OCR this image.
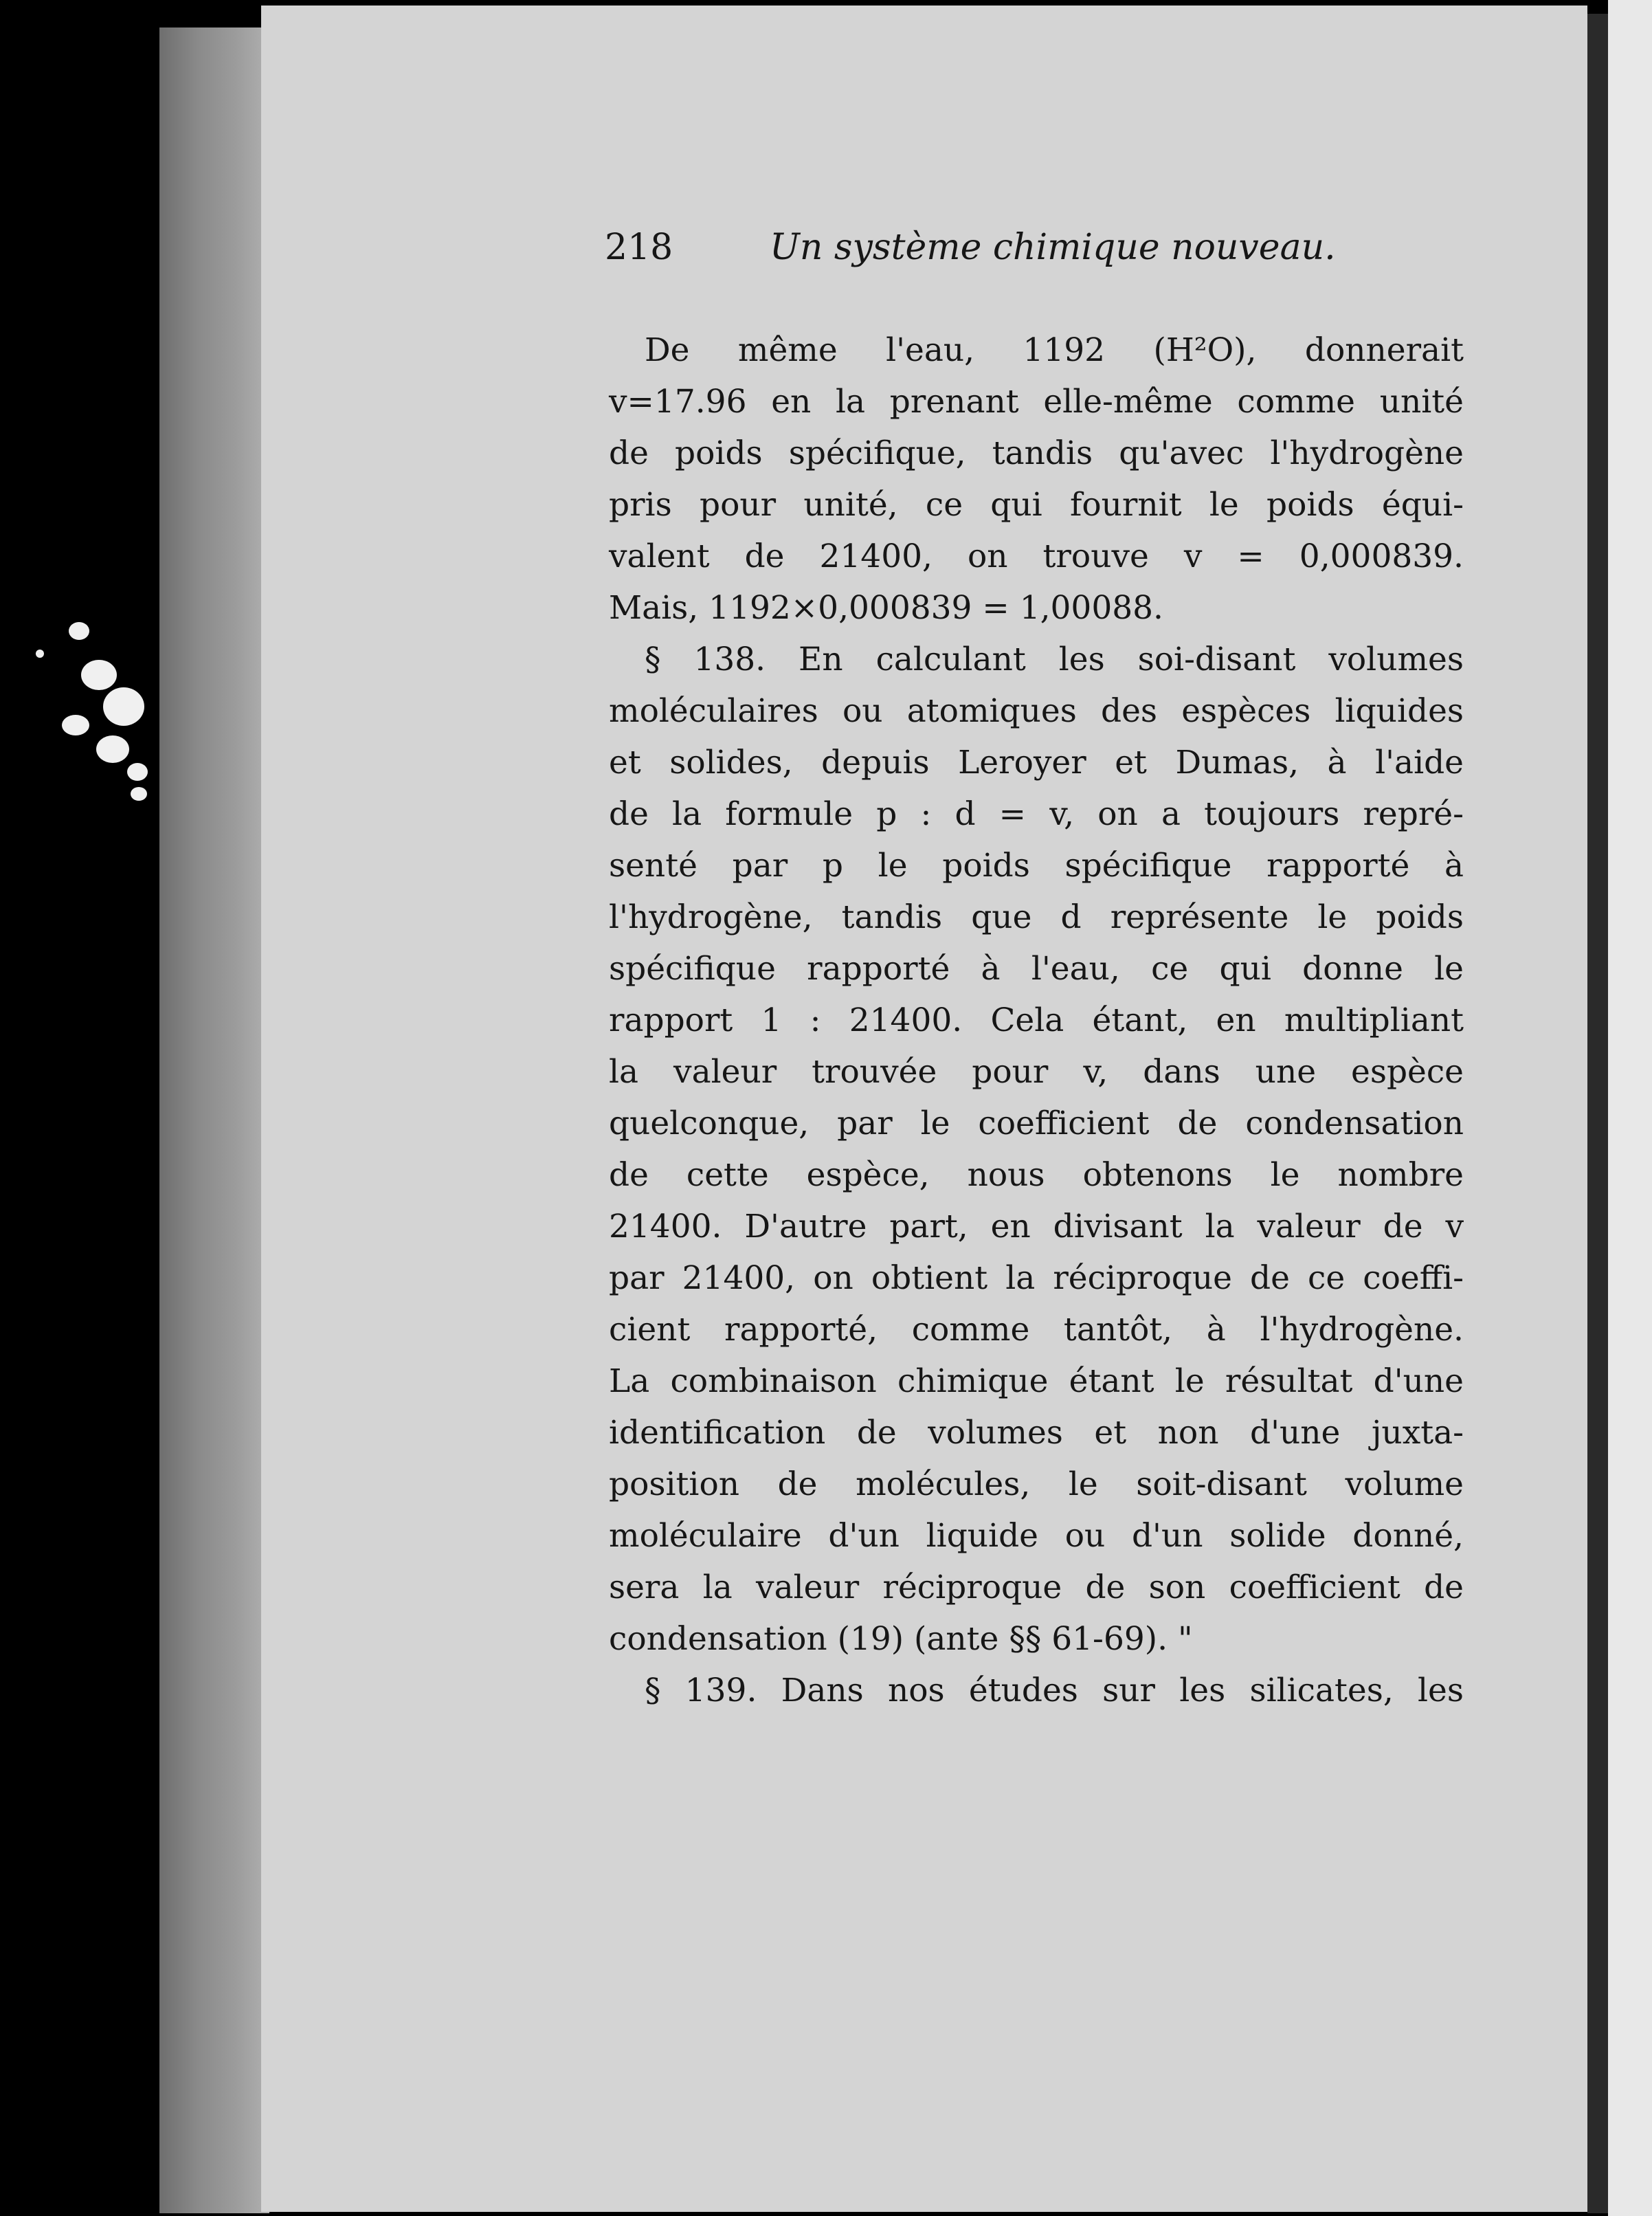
218	Un système chimique nouveau.
De même l'eau, 1192 (H²O), donnerait
v=17.96 en la prenant elle-même comme unité
de poids spécifique, tandis qu'avec l'hydrogène
pris pour unité, ce qui fournit le poids équi-
valent de 21400, on trouve v = 0,000839.
Mais, 1192×0,000839 = 1,00088.
§ 138. En calculant les soi-disant volumes
moléculaires ou atomiques des espèces liquides
et solides, depuis Leroyer et Dumas, à l'aide
de la formule p : d = v, on a toujours repré-
senté par p le poids spécifique rapporté à
l'hydrogène, tandis que d représente le poids
spécifique rapporté à l'eau, ce qui donne le
rapport 1 : 21400. Cela étant, en multipliant
la valeur trouvée pour v, dans une espèce
quelconque, par le coefficient de condensation
de cette espèce, nous obtenons le nombre
21400. D'autre part, en divisant la valeur de v
par 21400, on obtient la réciproque de ce coeffi-
cient rapporté, comme tantôt, à l'hydrogène.
La combinaison chimique étant le résultat d'une
identification de volumes et non d'une juxta-
position de molécules, le soit-disant volume
moléculaire d'un liquide ou d'un solide donné,
sera la valeur réciproque de son coefficient de
condensation (19) (ante §§ 61-69). "
§ 139. Dans nos études sur les silicates, les
